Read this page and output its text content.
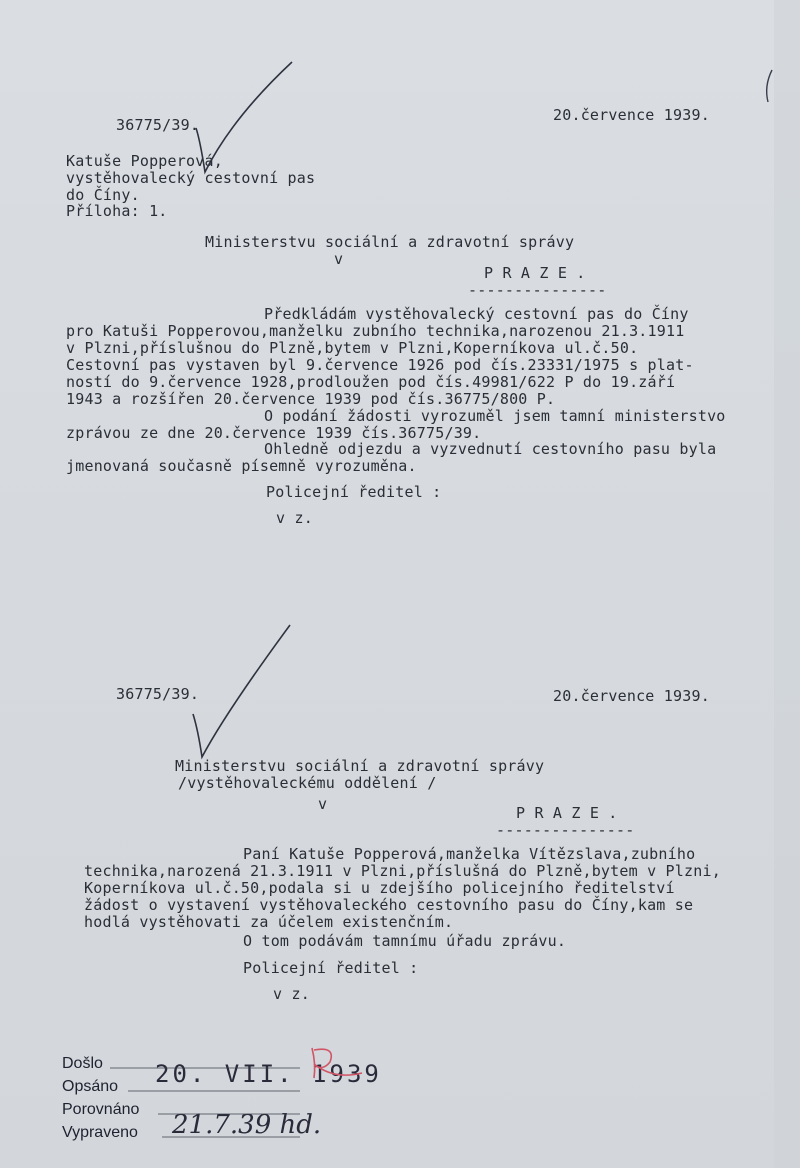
36775/39.
20.července 1939.
Katuše Popperová,
vystěhovalecký cestovní pas
do Číny.
Příloha: 1.
Ministerstvu sociální a zdravotní správy
v
P R A Z E .
---------------
Předkládám vystěhovalecký cestovní pas do Číny
pro Katuši Popperovou,manželku zubního technika,narozenou 21.3.1911
v Plzni,příslušnou do Plzně,bytem v Plzni,Koperníkova ul.č.50.
Cestovní pas vystaven byl 9.července 1926 pod čís.23331/1975 s plat-
ností do 9.července 1928,prodloužen pod čís.49981/622 P do 19.září
1943 a rozšířen 20.července 1939 pod čís.36775/800 P.
O podání žádosti vyrozuměl jsem tamní ministerstvo
zprávou ze dne 20.července 1939 čís.36775/39.
Ohledně odjezdu a vyzvednutí cestovního pasu byla
jmenovaná současně písemně vyrozuměna.
Policejní ředitel :
v z.
36775/39.	20.července 1939.
Ministerstvu sociální a zdravotní správy
/vystěhovaleckému oddělení /
v	P R A Z E .
---------------
Paní Katuše Popperová,manželka Vítězslava,zubního
technika,narozená 21.3.1911 v Plzni,příslušná do Plzně,bytem v Plzni,
Koperníkova ul.č.50,podala si u zdejšího policejního ředitelství
žádost o vystavení vystěhovaleckého cestovního pasu do Číny,kam se
hodlá vystěhovati za účelem existenčním.
O tom podávám tamnímu úřadu zprávu.
Policejní ředitel :
v z.
Došlo
Opsáno
Porovnáno
Vypraveno
20. VII. 1939
21.7.39 hd.
